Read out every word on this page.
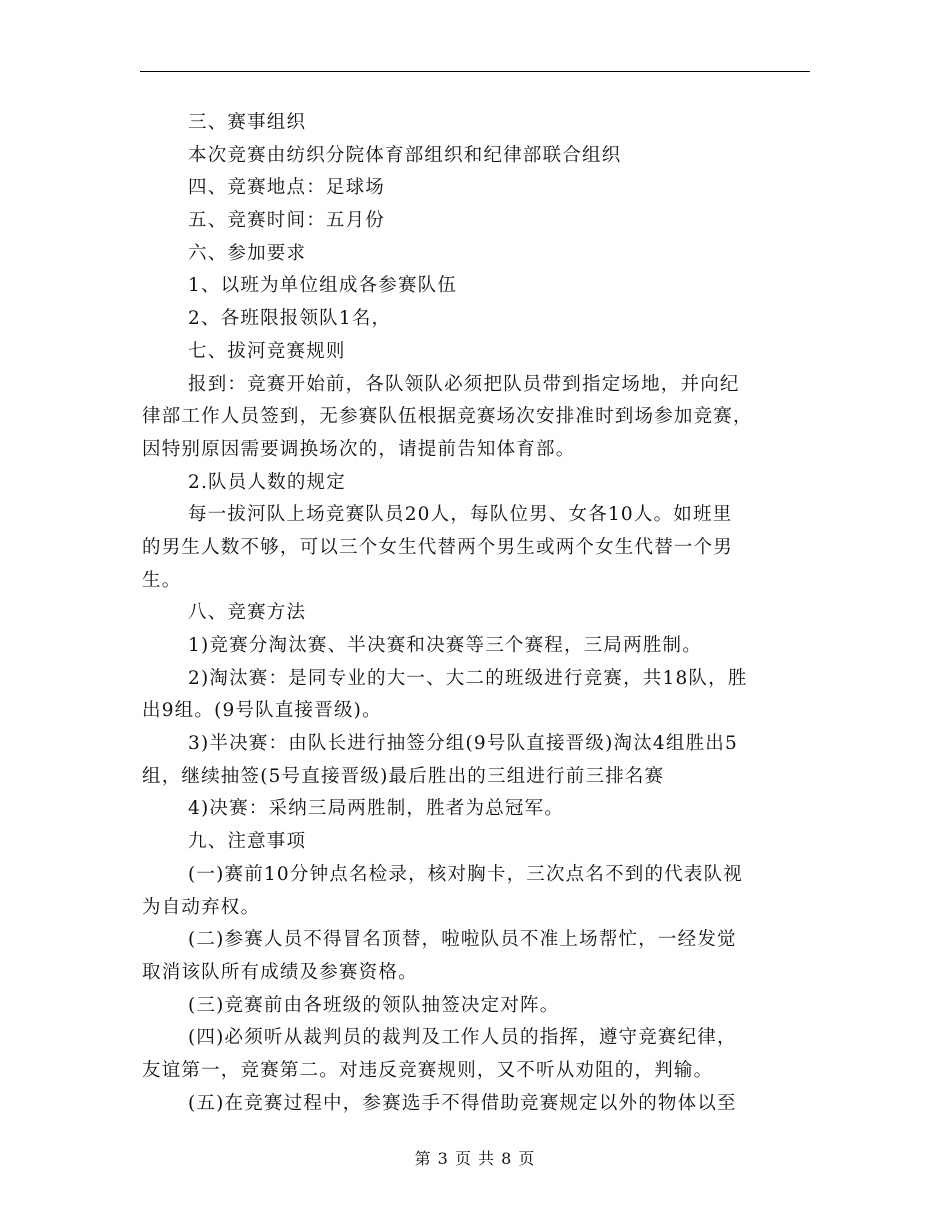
三、赛事组织
本次竞赛由纺织分院体育部组织和纪律部联合组织
四、竞赛地点：足球场
五、竞赛时间：五月份
六、参加要求
1、以班为单位组成各参赛队伍
2、各班限报领队1名，
七、拔河竞赛规则
报到：竞赛开始前，各队领队必须把队员带到指定场地，并向纪
律部工作人员签到，无参赛队伍根据竞赛场次安排准时到场参加竞赛，
因特别原因需要调换场次的，请提前告知体育部。
2.队员人数的规定
每一拔河队上场竞赛队员20人，每队位男、女各10人。如班里
的男生人数不够，可以三个女生代替两个男生或两个女生代替一个男
生。
八、竞赛方法
1)竞赛分淘汰赛、半决赛和决赛等三个赛程，三局两胜制。
2)淘汰赛：是同专业的大一、大二的班级进行竞赛，共18队，胜
出9组。(9号队直接晋级)。
3)半决赛：由队长进行抽签分组(9号队直接晋级)淘汰4组胜出5
组，继续抽签(5号直接晋级)最后胜出的三组进行前三排名赛
4)决赛：采纳三局两胜制，胜者为总冠军。
九、注意事项
(一)赛前10分钟点名检录，核对胸卡，三次点名不到的代表队视
为自动弃权。
(二)参赛人员不得冒名顶替，啦啦队员不准上场帮忙，一经发觉
取消该队所有成绩及参赛资格。
(三)竞赛前由各班级的领队抽签决定对阵。
(四)必须听从裁判员的裁判及工作人员的指挥，遵守竞赛纪律，
友谊第一，竞赛第二。对违反竞赛规则，又不听从劝阻的，判输。
(五)在竞赛过程中，参赛选手不得借助竞赛规定以外的物体以至
第 3 页 共 8 页
